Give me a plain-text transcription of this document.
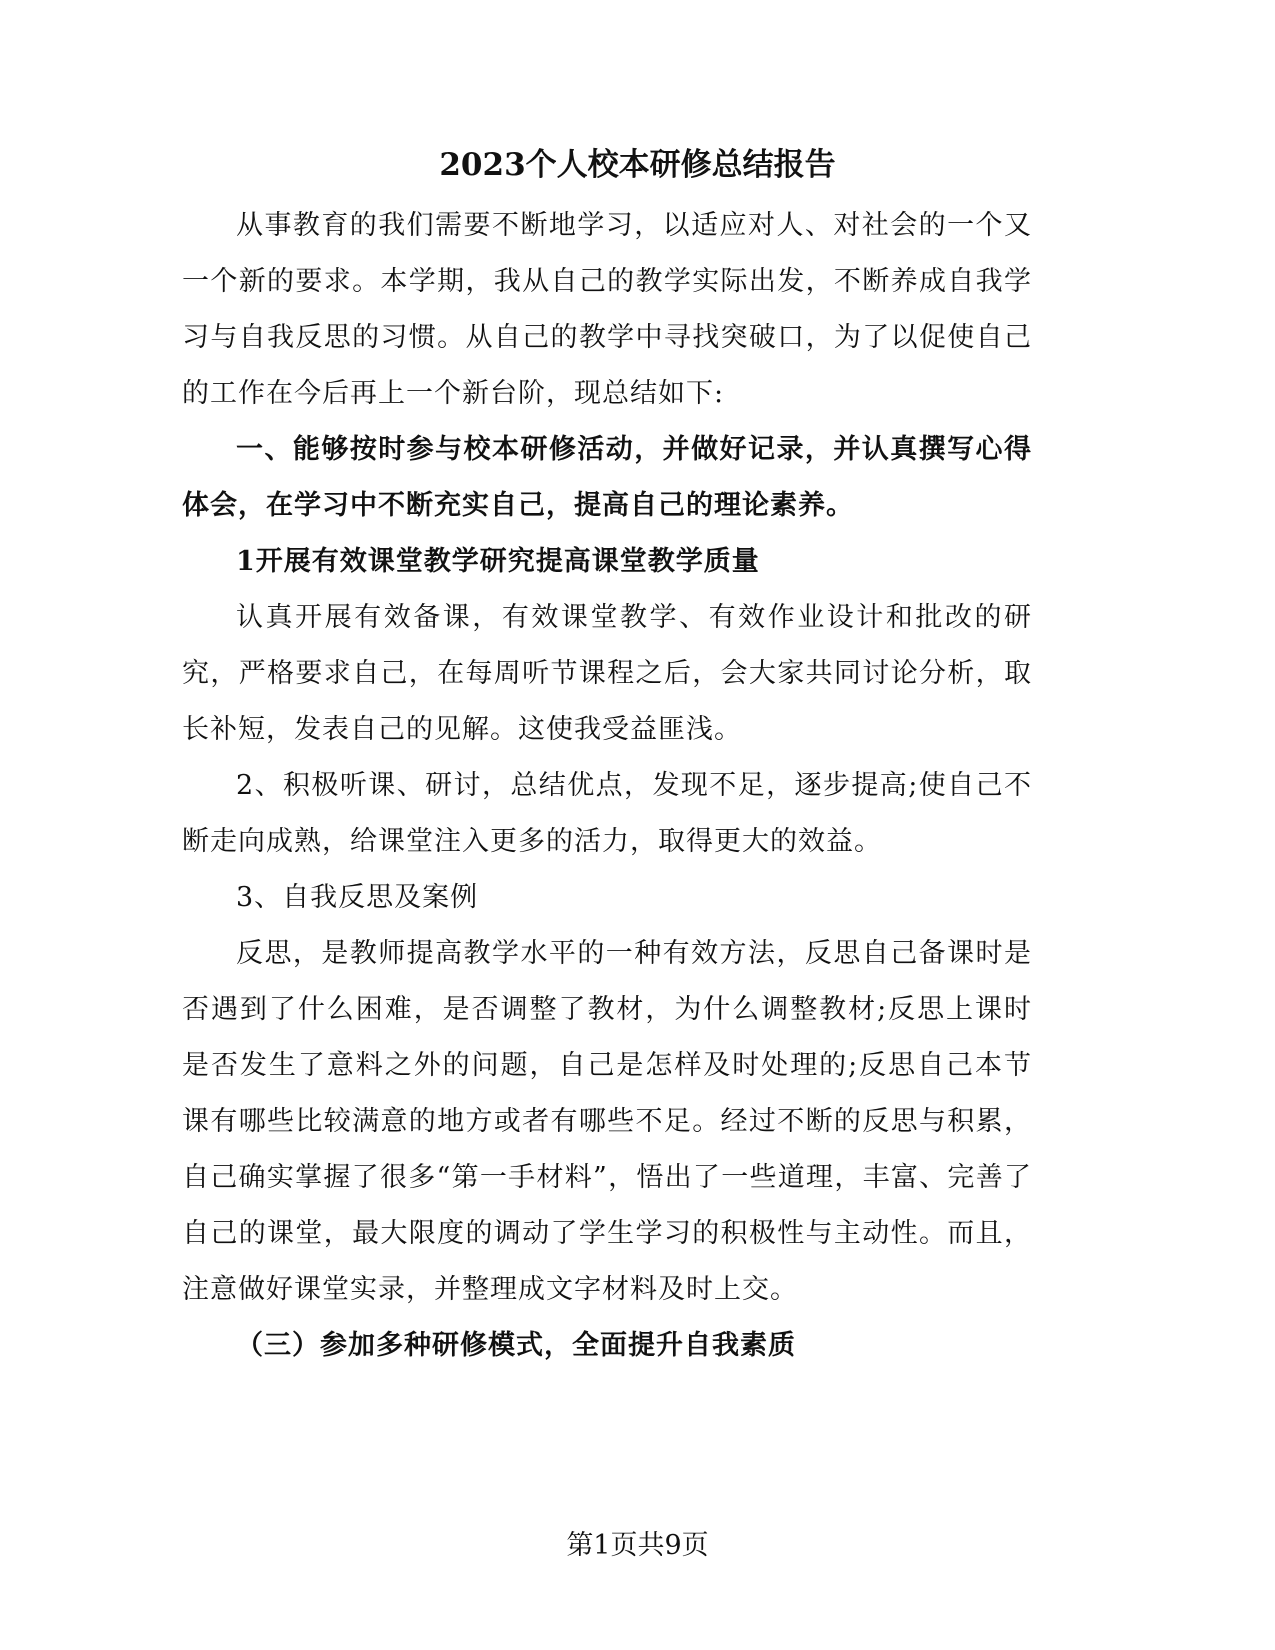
2023个人校本研修总结报告

从事教育的我们需要不断地学习，以适应对人、对社会的一个又一个新的要求。本学期，我从自己的教学实际出发，不断养成自我学习与自我反思的习惯。从自己的教学中寻找突破口，为了以促使自己的工作在今后再上一个新台阶，现总结如下:

一、能够按时参与校本研修活动，并做好记录，并认真撰写心得体会，在学习中不断充实自己，提高自己的理论素养。

1开展有效课堂教学研究提高课堂教学质量

认真开展有效备课，有效课堂教学、有效作业设计和批改的研究，严格要求自己，在每周听节课程之后，会大家共同讨论分析，取长补短，发表自己的见解。这使我受益匪浅。

2、积极听课、研讨，总结优点，发现不足，逐步提高;使自己不断走向成熟，给课堂注入更多的活力，取得更大的效益。

3、自我反思及案例

反思，是教师提高教学水平的一种有效方法，反思自己备课时是否遇到了什么困难，是否调整了教材，为什么调整教材;反思上课时是否发生了意料之外的问题，自己是怎样及时处理的;反思自己本节课有哪些比较满意的地方或者有哪些不足。经过不断的反思与积累，自己确实掌握了很多“第一手材料”，悟出了一些道理，丰富、完善了自己的课堂，最大限度的调动了学生学习的积极性与主动性。而且，注意做好课堂实录，并整理成文字材料及时上交。

（三）参加多种研修模式，全面提升自我素质

第1页共9页
